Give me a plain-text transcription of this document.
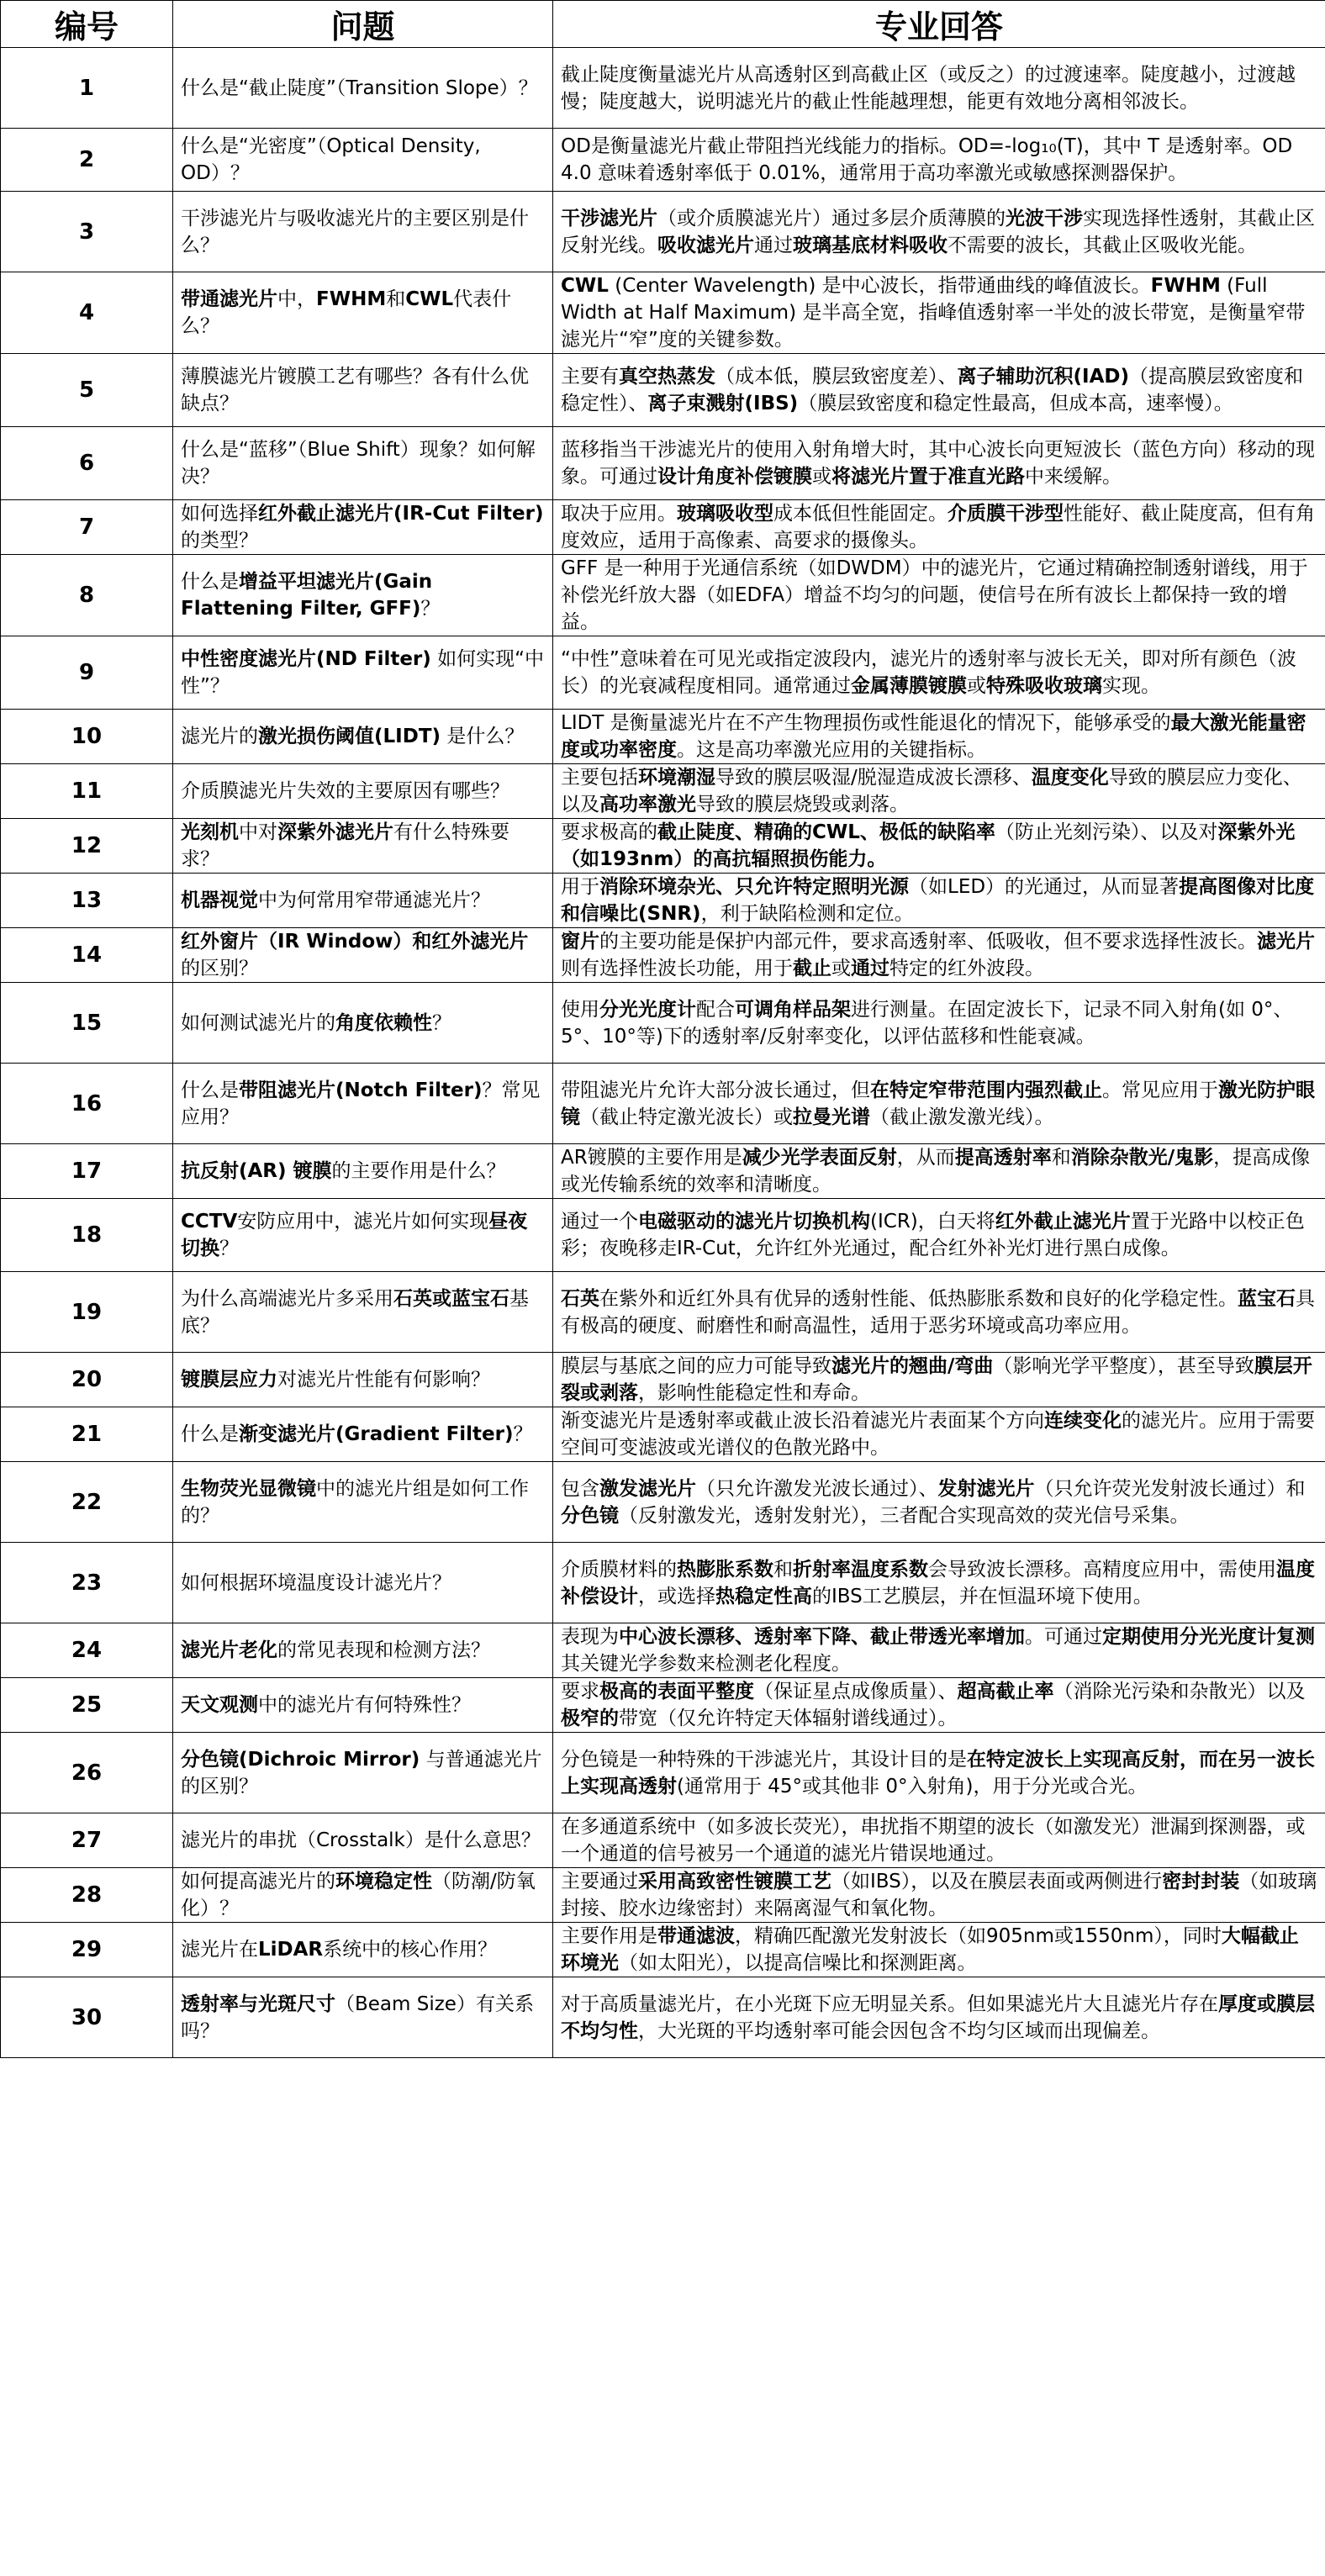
编号	问题	专业回答
1	什么是“截止陡度”（Transition Slope）？	截止陡度衡量滤光片从高透射区到高截止区（或反之）的过渡速率。陡度越小，过渡越慢；陡度越大，说明滤光片的截止性能越理想，能更有效地分离相邻波长。
2	什么是“光密度”（Optical Density, OD）？	OD是衡量滤光片截止带阻挡光线能力的指标。OD=-log₁₀(T)，其中 T 是透射率。OD 4.0 意味着透射率低于 0.01%，通常用于高功率激光或敏感探测器保护。
3	干涉滤光片与吸收滤光片的主要区别是什么？	干涉滤光片（或介质膜滤光片）通过多层介质薄膜的光波干涉实现选择性透射，其截止区反射光线。吸收滤光片通过玻璃基底材料吸收不需要的波长，其截止区吸收光能。
4	带通滤光片中，FWHM和CWL代表什么？	CWL (Center Wavelength) 是中心波长，指带通曲线的峰值波长。FWHM (Full Width at Half Maximum) 是半高全宽，指峰值透射率一半处的波长带宽，是衡量窄带滤光片“窄”度的关键参数。
5	薄膜滤光片镀膜工艺有哪些？各有什么优缺点？	主要有真空热蒸发（成本低，膜层致密度差）、离子辅助沉积(IAD)（提高膜层致密度和稳定性）、离子束溅射(IBS)（膜层致密度和稳定性最高，但成本高，速率慢）。
6	什么是“蓝移”（Blue Shift）现象？如何解决？	蓝移指当干涉滤光片的使用入射角增大时，其中心波长向更短波长（蓝色方向）移动的现象。可通过设计角度补偿镀膜或将滤光片置于准直光路中来缓解。
7	如何选择红外截止滤光片(IR-Cut Filter)的类型？	取决于应用。玻璃吸收型成本低但性能固定。介质膜干涉型性能好、截止陡度高，但有角度效应，适用于高像素、高要求的摄像头。
8	什么是增益平坦滤光片(Gain Flattening Filter, GFF)？	GFF 是一种用于光通信系统（如DWDM）中的滤光片，它通过精确控制透射谱线，用于补偿光纤放大器（如EDFA）增益不均匀的问题，使信号在所有波长上都保持一致的增益。
9	中性密度滤光片(ND Filter) 如何实现“中性”？	“中性”意味着在可见光或指定波段内，滤光片的透射率与波长无关，即对所有颜色（波长）的光衰减程度相同。通常通过金属薄膜镀膜或特殊吸收玻璃实现。
10	滤光片的激光损伤阈值(LIDT) 是什么？	LIDT 是衡量滤光片在不产生物理损伤或性能退化的情况下，能够承受的最大激光能量密度或功率密度。这是高功率激光应用的关键指标。
11	介质膜滤光片失效的主要原因有哪些？	主要包括环境潮湿导致的膜层吸湿/脱湿造成波长漂移、温度变化导致的膜层应力变化、以及高功率激光导致的膜层烧毁或剥落。
12	光刻机中对深紫外滤光片有什么特殊要求？	要求极高的截止陡度、精确的CWL、极低的缺陷率（防止光刻污染）、以及对深紫外光（如193nm）的高抗辐照损伤能力。
13	机器视觉中为何常用窄带通滤光片？	用于消除环境杂光、只允许特定照明光源（如LED）的光通过，从而显著提高图像对比度和信噪比(SNR)，利于缺陷检测和定位。
14	红外窗片（IR Window）和红外滤光片的区别？	窗片的主要功能是保护内部元件，要求高透射率、低吸收，但不要求选择性波长。滤光片则有选择性波长功能，用于截止或通过特定的红外波段。
15	如何测试滤光片的角度依赖性？	使用分光光度计配合可调角样品架进行测量。在固定波长下，记录不同入射角(如 0°、5°、10°等)下的透射率/反射率变化，以评估蓝移和性能衰减。
16	什么是带阻滤光片(Notch Filter)？常见应用？	带阻滤光片允许大部分波长通过，但在特定窄带范围内强烈截止。常见应用于激光防护眼镜（截止特定激光波长）或拉曼光谱（截止激发激光线）。
17	抗反射(AR) 镀膜的主要作用是什么？	AR镀膜的主要作用是减少光学表面反射，从而提高透射率和消除杂散光/鬼影，提高成像或光传输系统的效率和清晰度。
18	CCTV安防应用中，滤光片如何实现昼夜切换？	通过一个电磁驱动的滤光片切换机构(ICR)，白天将红外截止滤光片置于光路中以校正色彩；夜晚移走IR-Cut，允许红外光通过，配合红外补光灯进行黑白成像。
19	为什么高端滤光片多采用石英或蓝宝石基底？	石英在紫外和近红外具有优异的透射性能、低热膨胀系数和良好的化学稳定性。蓝宝石具有极高的硬度、耐磨性和耐高温性，适用于恶劣环境或高功率应用。
20	镀膜层应力对滤光片性能有何影响？	膜层与基底之间的应力可能导致滤光片的翘曲/弯曲（影响光学平整度），甚至导致膜层开裂或剥落，影响性能稳定性和寿命。
21	什么是渐变滤光片(Gradient Filter)？	渐变滤光片是透射率或截止波长沿着滤光片表面某个方向连续变化的滤光片。应用于需要空间可变滤波或光谱仪的色散光路中。
22	生物荧光显微镜中的滤光片组是如何工作的？	包含激发滤光片（只允许激发光波长通过）、发射滤光片（只允许荧光发射波长通过）和分色镜（反射激发光，透射发射光），三者配合实现高效的荧光信号采集。
23	如何根据环境温度设计滤光片？	介质膜材料的热膨胀系数和折射率温度系数会导致波长漂移。高精度应用中，需使用温度补偿设计，或选择热稳定性高的IBS工艺膜层，并在恒温环境下使用。
24	滤光片老化的常见表现和检测方法？	表现为中心波长漂移、透射率下降、截止带透光率增加。可通过定期使用分光光度计复测其关键光学参数来检测老化程度。
25	天文观测中的滤光片有何特殊性？	要求极高的表面平整度（保证星点成像质量）、超高截止率（消除光污染和杂散光）以及极窄的带宽（仅允许特定天体辐射谱线通过）。
26	分色镜(Dichroic Mirror) 与普通滤光片的区别？	分色镜是一种特殊的干涉滤光片，其设计目的是在特定波长上实现高反射，而在另一波长上实现高透射(通常用于 45°或其他非 0°入射角)，用于分光或合光。
27	滤光片的串扰（Crosstalk）是什么意思？	在多通道系统中（如多波长荧光），串扰指不期望的波长（如激发光）泄漏到探测器，或一个通道的信号被另一个通道的滤光片错误地通过。
28	如何提高滤光片的环境稳定性（防潮/防氧化）？	主要通过采用高致密性镀膜工艺（如IBS），以及在膜层表面或两侧进行密封封装（如玻璃封接、胶水边缘密封）来隔离湿气和氧化物。
29	滤光片在LiDAR系统中的核心作用？	主要作用是带通滤波，精确匹配激光发射波长（如905nm或1550nm），同时大幅截止环境光（如太阳光），以提高信噪比和探测距离。
30	透射率与光斑尺寸（Beam Size）有关系吗？	对于高质量滤光片，在小光斑下应无明显关系。但如果滤光片大且滤光片存在厚度或膜层不均匀性，大光斑的平均透射率可能会因包含不均匀区域而出现偏差。
